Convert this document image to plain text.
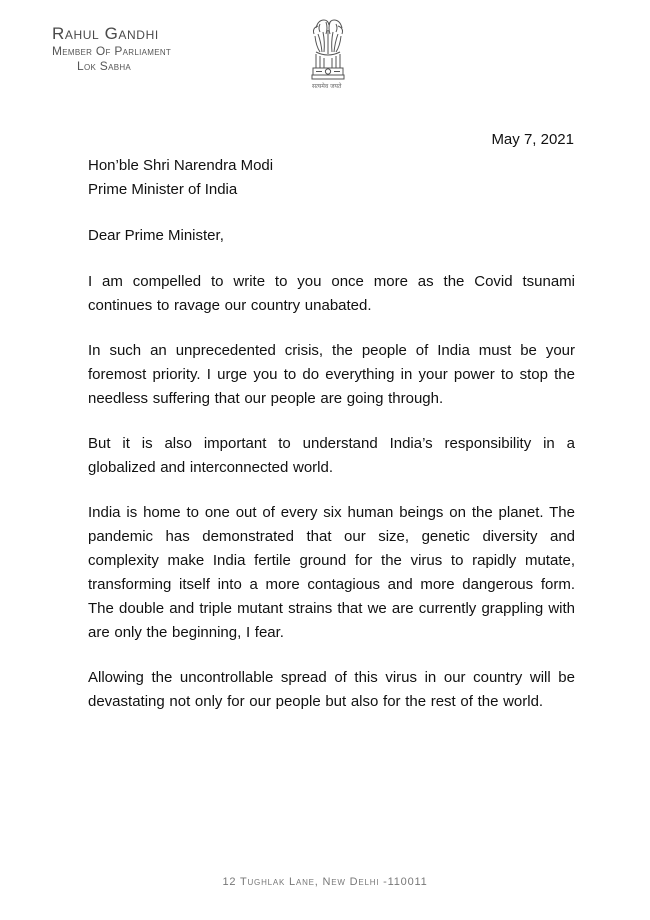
Rahul Gandhi
Member Of Parliament
Lok Sabha
सत्यमेव जयते
May 7, 2021

Hon’ble Shri Narendra Modi

Prime Minister of India

Dear Prime Minister,

I am compelled to write to you once more as the Covid tsunami continues to ravage our country unabated.

In such an unprecedented crisis, the people of India must be your foremost priority. I urge you to do everything in your power to stop the needless suffering that our people are going through.

But it is also important to understand India’s responsibility in a globalized and interconnected world.

India is home to one out of every six human beings on the planet. The pandemic has demonstrated that our size, genetic diversity and complexity make India fertile ground for the virus to rapidly mutate, transforming itself into a more contagious and more dangerous form. The double and triple mutant strains that we are currently grappling with are only the beginning, I fear.

Allowing the uncontrollable spread of this virus in our country will be devastating not only for our people but also for the rest of the world.

12 Tughlak Lane, New Delhi -110011
